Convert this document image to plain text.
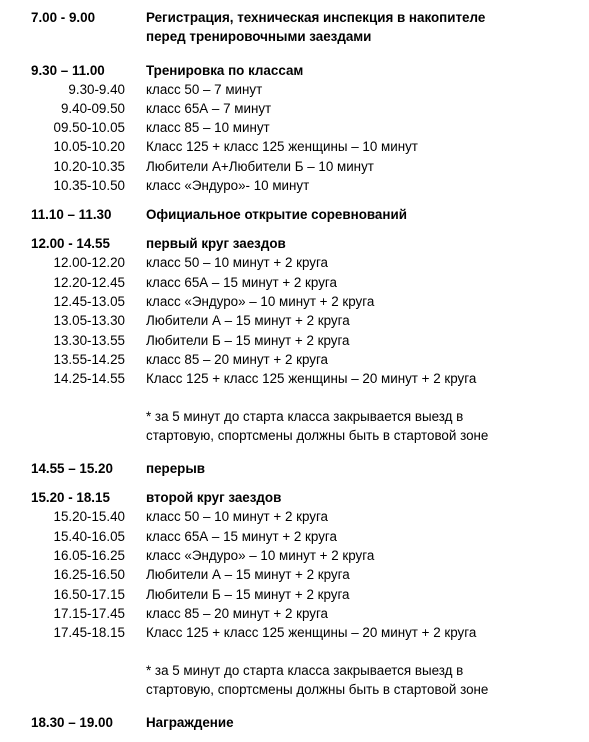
7.00 - 9.00	Регистрация, техническая инспекция в накопителе перед тренировочными заездами
9.30 – 11.00	Тренировка по классам
9.30-9.40 класс 50 – 7 минут
9.40-09.50 класс 65А – 7 минут
09.50-10.05 класс 85 – 10 минут
10.05-10.20 Класс 125 + класс 125 женщины – 10 минут
10.20-10.35 Любители А+Любители Б – 10 минут
10.35-10.50 класс «Эндуро»- 10 минут
11.10 – 11.30	Официальное открытие соревнований
12.00 - 14.55	первый круг заездов
12.00-12.20 класс 50 – 10 минут + 2 круга
12.20-12.45 класс 65А – 15 минут + 2 круга
12.45-13.05 класс «Эндуро» – 10 минут + 2 круга
13.05-13.30 Любители А – 15 минут + 2 круга
13.30-13.55 Любители Б – 15 минут + 2 круга
13.55-14.25 класс 85 – 20 минут + 2 круга
14.25-14.55 Класс 125 + класс 125 женщины – 20 минут + 2 круга
* за 5 минут до старта класса закрывается выезд в стартовую, спортсмены должны быть в стартовой зоне
14.55 – 15.20 перерыв
15.20 - 18.15	второй круг заездов
15.20-15.40 класс 50 – 10 минут + 2 круга
15.40-16.05 класс 65А – 15 минут + 2 круга
16.05-16.25 класс «Эндуро» – 10 минут + 2 круга
16.25-16.50 Любители А – 15 минут + 2 круга
16.50-17.15 Любители Б – 15 минут + 2 круга
17.15-17.45 класс 85 – 20 минут + 2 круга
17.45-18.15 Класс 125 + класс 125 женщины – 20 минут + 2 круга
* за 5 минут до старта класса закрывается выезд в стартовую, спортсмены должны быть в стартовой зоне
18.30 – 19.00 Награждение
